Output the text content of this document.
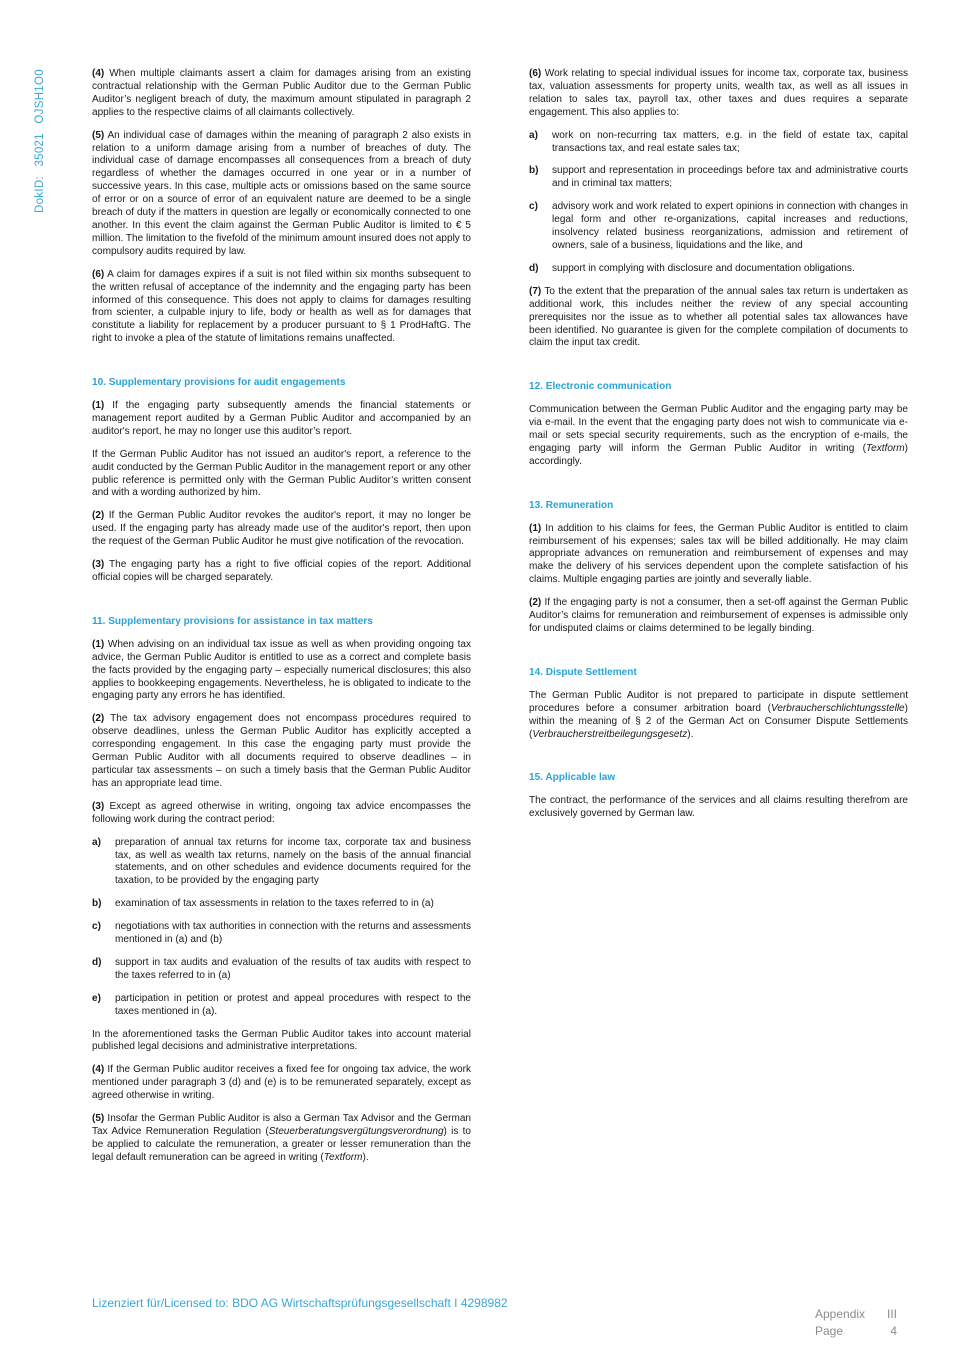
DokID: 35021 OJSH1O0	(4) When multiple claimants assert a claim for damages arising from an existing contractual relationship with the German Public Auditor due to the German Public Auditor’s negligent breach of duty, the maximum amount stipulated in paragraph 2 applies to the respective claims of all claimants collectively.

(5) An individual case of damages within the meaning of paragraph 2 also exists in relation to a uniform damage arising from a number of breaches of duty. The individual case of damage encompasses all consequences from a breach of duty regardless of whether the damages occurred in one year or in a number of successive years. In this case, multiple acts or omissions based on the same source of error or on a source of error of an equivalent nature are deemed to be a single breach of duty if the matters in question are legally or economically connected to one another. In this event the claim against the German Public Auditor is limited to € 5 million. The limitation to the fivefold of the minimum amount insured does not apply to compulsory audits required by law.

(6) A claim for damages expires if a suit is not filed within six months subsequent to the written refusal of acceptance of the indemnity and the engaging party has been informed of this consequence. This does not apply to claims for damages resulting from scienter, a culpable injury to life, body or health as well as for damages that constitute a liability for replacement by a producer pursuant to § 1 ProdHaftG. The right to invoke a plea of the statute of limitations remains unaffected.

10. Supplementary provisions for audit engagements

(1) If the engaging party subsequently amends the financial statements or management report audited by a German Public Auditor and accompanied by an auditor's report, he may no longer use this auditor’s report.

If the German Public Auditor has not issued an auditor's report, a reference to the audit conducted by the German Public Auditor in the management report or any other public reference is permitted only with the German Public Auditor’s written consent and with a wording authorized by him.

(2) If the German Public Auditor revokes the auditor's report, it may no longer be used. If the engaging party has already made use of the auditor's report, then upon the request of the German Public Auditor he must give notification of the revocation.

(3) The engaging party has a right to five official copies of the report. Additional official copies will be charged separately.

11. Supplementary provisions for assistance in tax matters

(1) When advising on an individual tax issue as well as when providing ongoing tax advice, the German Public Auditor is entitled to use as a correct and complete basis the facts provided by the engaging party – especially numerical disclosures; this also applies to bookkeeping engagements. Nevertheless, he is obligated to indicate to the engaging party any errors he has identified.

(2) The tax advisory engagement does not encompass procedures required to observe deadlines, unless the German Public Auditor has explicitly accepted a corresponding engagement. In this case the engaging party must provide the German Public Auditor with all documents required to observe deadlines – in particular tax assessments – on such a timely basis that the German Public Auditor has an appropriate lead time.

(3) Except as agreed otherwise in writing, ongoing tax advice encompasses the following work during the contract period:

a)	preparation of annual tax returns for income tax, corporate tax and business tax, as well as wealth tax returns, namely on the basis of the annual financial statements, and on other schedules and evidence documents required for the taxation, to be provided by the engaging party
b)	examination of tax assessments in relation to the taxes referred to in (a)
c)	negotiations with tax authorities in connection with the returns and assessments mentioned in (a) and (b)
d)	support in tax audits and evaluation of the results of tax audits with respect to the taxes referred to in (a)
e)	participation in petition or protest and appeal procedures with respect to the taxes mentioned in (a).

In the aforementioned tasks the German Public Auditor takes into account material published legal decisions and administrative interpretations.

(4) If the German Public auditor receives a fixed fee for ongoing tax advice, the work mentioned under paragraph 3 (d) and (e) is to be remunerated separately, except as agreed otherwise in writing.

(5) Insofar the German Public Auditor is also a German Tax Advisor and the German Tax Advice Remuneration Regulation (Steuerberatungsvergütungsverordnung) is to be applied to calculate the remuneration, a greater or lesser remuneration than the legal default remuneration can be agreed in writing (Textform).

(6) Work relating to special individual issues for income tax, corporate tax, business tax, valuation assessments for property units, wealth tax, as well as all issues in relation to sales tax, payroll tax, other taxes and dues requires a separate engagement. This also applies to:

a)	work on non-recurring tax matters, e.g. in the field of estate tax, capital transactions tax, and real estate sales tax;
b)	support and representation in proceedings before tax and administrative courts and in criminal tax matters;
c)	advisory work and work related to expert opinions in connection with changes in legal form and other re-organizations, capital increases and reductions, insolvency related business reorganizations, admission and retirement of owners, sale of a business, liquidations and the like, and
d)	support in complying with disclosure and documentation obligations.

(7) To the extent that the preparation of the annual sales tax return is undertaken as additional work, this includes neither the review of any special accounting prerequisites nor the issue as to whether all potential sales tax allowances have been identified. No guarantee is given for the complete compilation of documents to claim the input tax credit.

12. Electronic communication

Communication between the German Public Auditor and the engaging party may be via e-mail. In the event that the engaging party does not wish to communicate via e-mail or sets special security requirements, such as the encryption of e-mails, the engaging party will inform the German Public Auditor in writing (Textform) accordingly.

13. Remuneration

(1) In addition to his claims for fees, the German Public Auditor is entitled to claim reimbursement of his expenses; sales tax will be billed additionally. He may claim appropriate advances on remuneration and reimbursement of expenses and may make the delivery of his services dependent upon the complete satisfaction of his claims. Multiple engaging parties are jointly and severally liable.

(2) If the engaging party is not a consumer, then a set-off against the German Public Auditor’s claims for remuneration and reimbursement of expenses is admissible only for undisputed claims or claims determined to be legally binding.

14. Dispute Settlement

The German Public Auditor is not prepared to participate in dispute settlement procedures before a consumer arbitration board (Verbraucherschlichtungsstelle) within the meaning of § 2 of the German Act on Consumer Dispute Settlements (Verbraucherstreitbeilegungsgesetz).

15. Applicable law

The contract, the performance of the services and all claims resulting therefrom are exclusively governed by German law.

Lizenziert für/Licensed to: BDO AG Wirtschaftsprüfungsgesellschaft I 4298982
Appendix III
Page	4
